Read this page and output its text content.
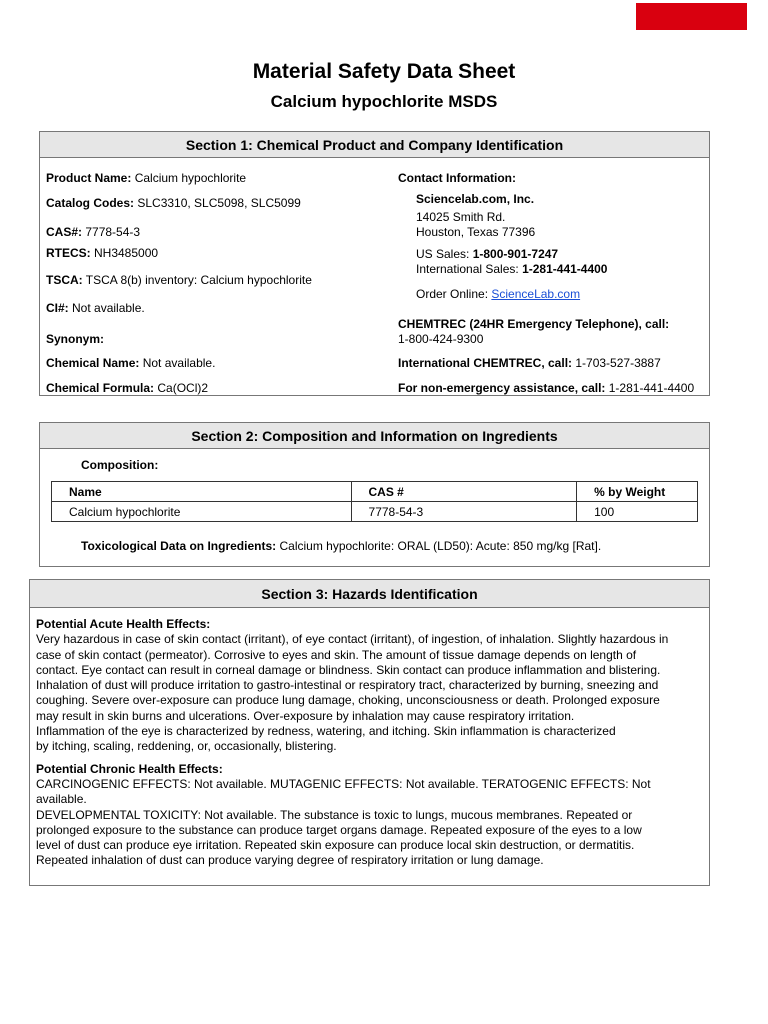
Material Safety Data Sheet
Calcium hypochlorite MSDS
Section 1: Chemical Product and Company Identification
Product Name: Calcium hypochlorite
Catalog Codes: SLC3310, SLC5098, SLC5099
CAS#: 7778-54-3
RTECS: NH3485000
TSCA: TSCA 8(b) inventory: Calcium hypochlorite
CI#: Not available.
Synonym:
Chemical Name: Not available.
Chemical Formula: Ca(OCl)2
Contact Information:
Sciencelab.com, Inc.
14025 Smith Rd.
Houston, Texas 77396
US Sales: 1-800-901-7247
International Sales: 1-281-441-4400
Order Online: ScienceLab.com
CHEMTREC (24HR Emergency Telephone), call:
1-800-424-9300
International CHEMTREC, call: 1-703-527-3887
For non-emergency assistance, call: 1-281-441-4400
Section 2: Composition and Information on Ingredients
Composition:
Name	CAS #	% by Weight
Calcium hypochlorite	7778-54-3	100
Toxicological Data on Ingredients: Calcium hypochlorite: ORAL (LD50): Acute: 850 mg/kg [Rat].
Section 3: Hazards Identification

Potential Acute Health Effects:

Very hazardous in case of skin contact (irritant), of eye contact (irritant), of ingestion, of inhalation. Slightly hazardous in

case of skin contact (permeator). Corrosive to eyes and skin. The amount of tissue damage depends on length of

contact. Eye contact can result in corneal damage or blindness. Skin contact can produce inflammation and blistering.

Inhalation of dust will produce irritation to gastro-intestinal or respiratory tract, characterized by burning, sneezing and

coughing. Severe over-exposure can produce lung damage, choking, unconsciousness or death. Prolonged exposure

may result in skin burns and ulcerations. Over-exposure by inhalation may cause respiratory irritation.

Inflammation of the eye is characterized by redness, watering, and itching. Skin inflammation is characterized

by itching, scaling, reddening, or, occasionally, blistering.

Potential Chronic Health Effects:

CARCINOGENIC EFFECTS: Not available. MUTAGENIC EFFECTS: Not available. TERATOGENIC EFFECTS: Not

available.

DEVELOPMENTAL TOXICITY: Not available. The substance is toxic to lungs, mucous membranes. Repeated or

prolonged exposure to the substance can produce target organs damage. Repeated exposure of the eyes to a low

level of dust can produce eye irritation. Repeated skin exposure can produce local skin destruction, or dermatitis.

Repeated inhalation of dust can produce varying degree of respiratory irritation or lung damage.
